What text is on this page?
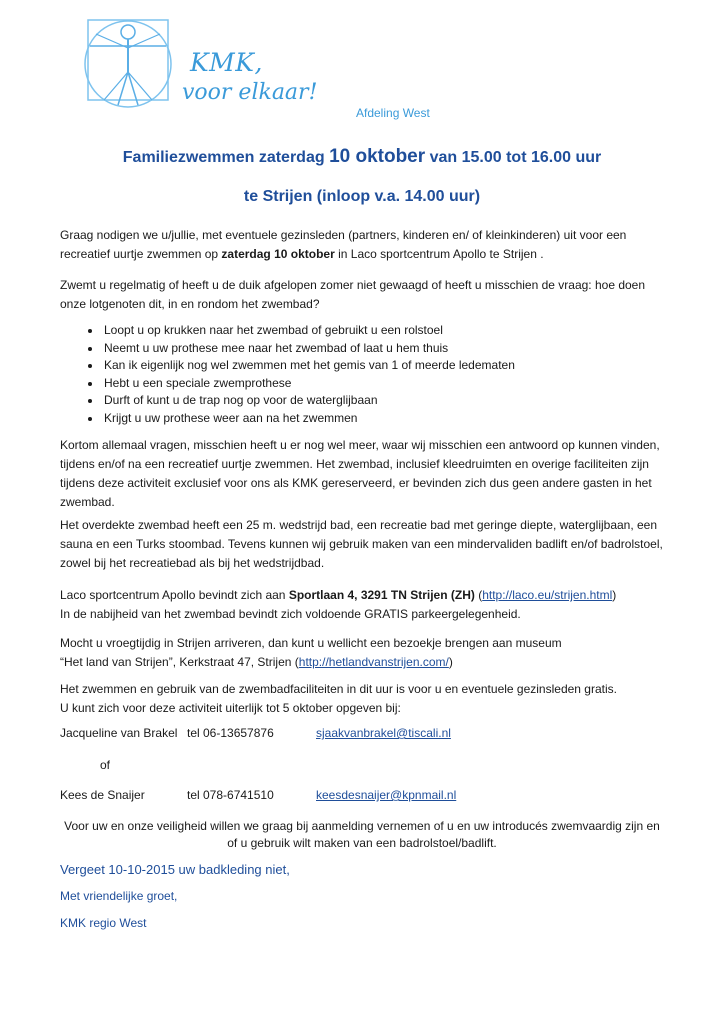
KMK,
voor elkaar!
Afdeling West
Familiezwemmen zaterdag 10 oktober van 15.00 tot 16.00 uur
te Strijen (inloop v.a. 14.00 uur)
Graag nodigen we u/jullie, met eventuele gezinsleden (partners, kinderen en/ of kleinkinderen) uit voor een recreatief uurtje zwemmen op zaterdag 10 oktober in Laco sportcentrum Apollo te Strijen .
Zwemt u regelmatig of heeft u de duik afgelopen zomer niet gewaagd of heeft u misschien de vraag: hoe doen onze lotgenoten dit, in en rondom het zwembad?
• Loopt u op krukken naar het zwembad of gebruikt u een rolstoel
• Neemt u uw prothese mee naar het zwembad of laat u hem thuis
• Kan ik eigenlijk nog wel zwemmen met het gemis van 1 of meerde ledematen
• Hebt u een speciale zwemprothese
• Durft of kunt u de trap nog op voor de waterglijbaan
• Krijgt u uw prothese weer aan na het zwemmen
Kortom allemaal vragen, misschien heeft u er nog wel meer, waar wij misschien een antwoord op kunnen vinden, tijdens en/of na een recreatief uurtje zwemmen. Het zwembad, inclusief kleedruimten en overige faciliteiten zijn tijdens deze activiteit exclusief voor ons als KMK gereserveerd, er bevinden zich dus geen andere gasten in het zwembad.
Het overdekte zwembad heeft een 25 m. wedstrijd bad, een recreatie bad met geringe diepte, waterglijbaan, een sauna en een Turks stoombad. Tevens kunnen wij gebruik maken van een mindervaliden badlift en/of badrolstoel, zowel bij het recreatiebad als bij het wedstrijdbad.
Laco sportcentrum Apollo bevindt zich aan Sportlaan 4, 3291 TN Strijen (ZH) (http://laco.eu/strijen.html)
In de nabijheid van het zwembad bevindt zich voldoende GRATIS parkeergelegenheid.
Mocht u vroegtijdig in Strijen arriveren, dan kunt u wellicht een bezoekje brengen aan museum
“Het land van Strijen”, Kerkstraat 47, Strijen (http://hetlandvanstrijen.com/)
Het zwemmen en gebruik van de zwembadfaciliteiten in dit uur is voor u en eventuele gezinsleden gratis.
U kunt zich voor deze activiteit uiterlijk tot 5 oktober opgeven bij:
Jacqueline van Brakel tel 06-13657876	sjaakvanbrakel@tiscali.nl
of
Kees de Snaijer	tel 078-6741510	keesdesnaijer@kpnmail.nl
Voor uw en onze veiligheid willen we graag bij aanmelding vernemen of u en uw introducés zwemvaardig zijn en of u gebruik wilt maken van een badrolstoel/badlift.
Vergeet 10-10-2015 uw badkleding niet,
Met vriendelijke groet,
KMK regio West
